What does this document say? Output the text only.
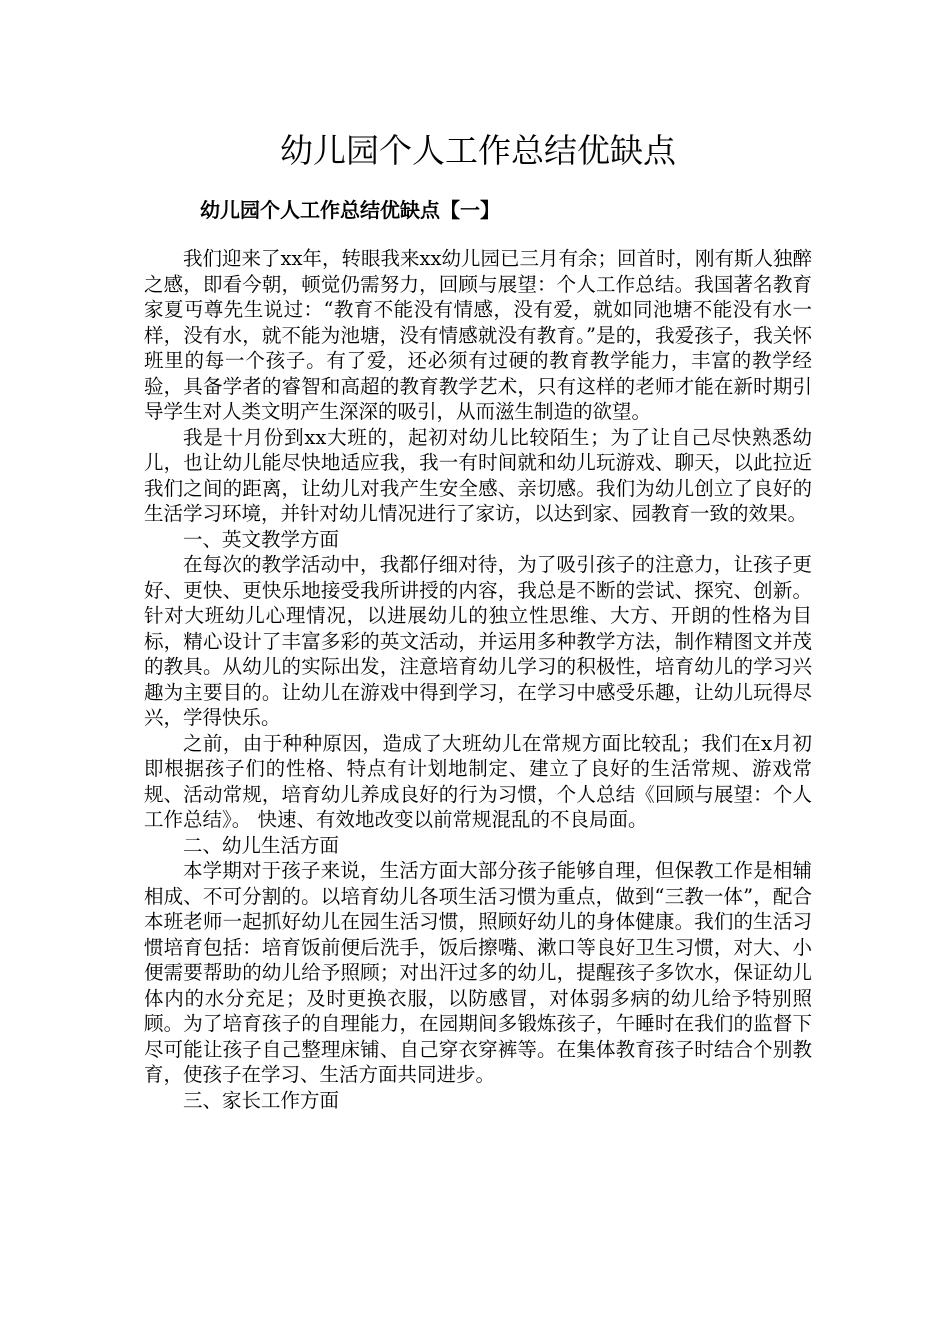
幼儿园个人工作总结优缺点
幼儿园个人工作总结优缺点【一】

我们迎来了xx年，转眼我来xx幼儿园已三月有余；回首时，刚有斯人独醉之感，即看今朝，顿觉仍需努力，回顾与展望：个人工作总结。我国著名教育家夏丏尊先生说过：“教育不能没有情感，没有爱，就如同池塘不能没有水一样，没有水，就不能为池塘，没有情感就没有教育。”是的，我爱孩子，我关怀班里的每一个孩子。有了爱，还必须有过硬的教育教学能力，丰富的教学经验，具备学者的睿智和高超的教育教学艺术，只有这样的老师才能在新时期引导学生对人类文明产生深深的吸引，从而滋生制造的欲望。

我是十月份到xx大班的，起初对幼儿比较陌生；为了让自己尽快熟悉幼儿，也让幼儿能尽快地适应我，我一有时间就和幼儿玩游戏、聊天，以此拉近我们之间的距离，让幼儿对我产生安全感、亲切感。我们为幼儿创立了良好的生活学习环境，并针对幼儿情况进行了家访，以达到家、园教育一致的效果。

一、英文教学方面

在每次的教学活动中，我都仔细对待，为了吸引孩子的注意力，让孩子更好、更快、更快乐地接受我所讲授的内容，我总是不断的尝试、探究、创新。针对大班幼儿心理情况，以进展幼儿的独立性思维、大方、开朗的性格为目标，精心设计了丰富多彩的英文活动，并运用多种教学方法，制作精图文并茂的教具。从幼儿的实际出发，注意培育幼儿学习的积极性，培育幼儿的学习兴趣为主要目的。让幼儿在游戏中得到学习，在学习中感受乐趣，让幼儿玩得尽兴，学得快乐。

之前，由于种种原因，造成了大班幼儿在常规方面比较乱；我们在x月初即根据孩子们的性格、特点有计划地制定、建立了良好的生活常规、游戏常规、活动常规，培育幼儿养成良好的行为习惯，个人总结《回顾与展望：个人工作总结》。 快速、有效地改变以前常规混乱的不良局面。

二、幼儿生活方面

本学期对于孩子来说，生活方面大部分孩子能够自理，但保教工作是相辅相成、不可分割的。以培育幼儿各项生活习惯为重点，做到“三教一体”，配合本班老师一起抓好幼儿在园生活习惯，照顾好幼儿的身体健康。我们的生活习惯培育包括：培育饭前便后洗手，饭后擦嘴、漱口等良好卫生习惯，对大、小便需要帮助的幼儿给予照顾；对出汗过多的幼儿，提醒孩子多饮水，保证幼儿体内的水分充足；及时更换衣服，以防感冒，对体弱多病的幼儿给予特别照顾。为了培育孩子的自理能力，在园期间多锻炼孩子，午睡时在我们的监督下尽可能让孩子自己整理床铺、自己穿衣穿裤等。在集体教育孩子时结合个别教育，使孩子在学习、生活方面共同进步。

三、家长工作方面
